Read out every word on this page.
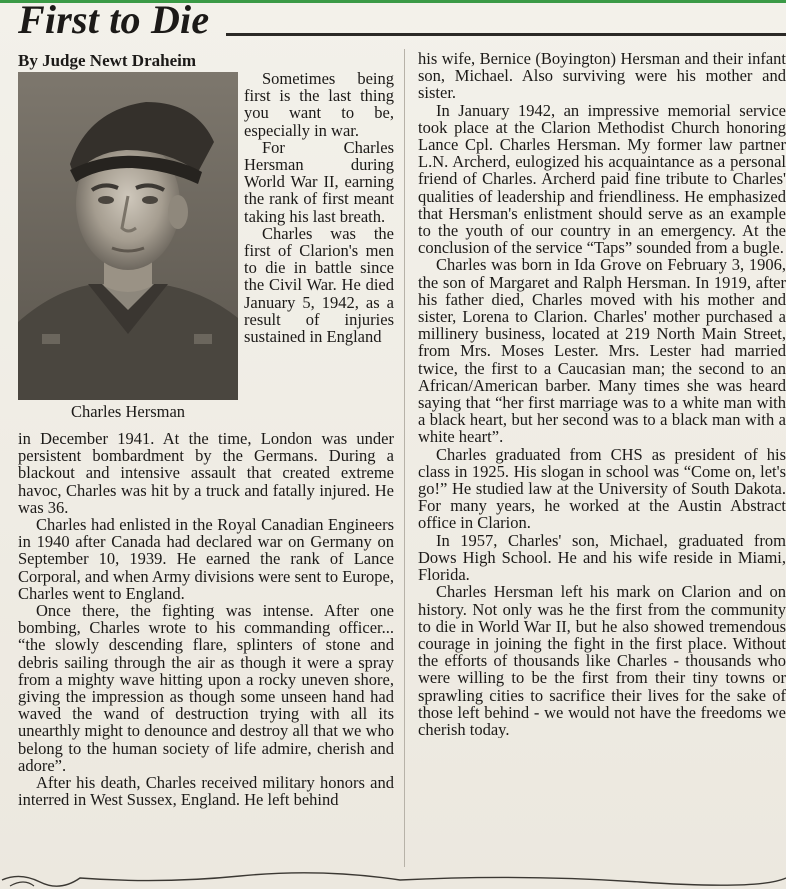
First to Die
By Judge Newt Draheim
Charles Hersman

Sometimes being first is the last thing you want to be, especially in war.

For Charles Hersman during World War II, earning the rank of first meant taking his last breath.

Charles was the first of Clarion's men to die in battle since the Civil War. He died January 5, 1942, as a result of injuries sustained in England

in December 1941. At the time, London was under persistent bombardment by the Germans. During a blackout and intensive assault that created extreme havoc, Charles was hit by a truck and fatally injured. He was 36.

Charles had enlisted in the Royal Canadian Engineers in 1940 after Canada had declared war on Germany on September 10, 1939. He earned the rank of Lance Corporal, and when Army divisions were sent to Europe, Charles went to England.

Once there, the fighting was intense. After one bombing, Charles wrote to his commanding officer... “the slowly descending flare, splinters of stone and debris sailing through the air as though it were a spray from a mighty wave hitting upon a rocky uneven shore, giving the impression as though some unseen hand had waved the wand of destruction trying with all its unearthly might to denounce and destroy all that we who belong to the human society of life admire, cherish and adore”.

After his death, Charles received military honors and interred in West Sussex, England. He left behind

his wife, Bernice (Boyington) Hersman and their infant son, Michael. Also surviving were his mother and sister.

In January 1942, an impressive memorial service took place at the Clarion Methodist Church honoring Lance Cpl. Charles Hersman. My former law partner L.N. Archerd, eulogized his acquaintance as a personal friend of Charles. Archerd paid fine tribute to Charles' qualities of leadership and friendliness. He emphasized that Hersman's enlistment should serve as an example to the youth of our country in an emergency. At the conclusion of the service “Taps” sounded from a bugle.

Charles was born in Ida Grove on February 3, 1906, the son of Margaret and Ralph Hersman. In 1919, after his father died, Charles moved with his mother and sister, Lorena to Clarion. Charles' mother purchased a millinery business, located at 219 North Main Street, from Mrs. Moses Lester. Mrs. Lester had married twice, the first to a Caucasian man; the second to an African/American barber. Many times she was heard saying that “her first marriage was to a white man with a black heart, but her second was to a black man with a white heart”.

Charles graduated from CHS as president of his class in 1925. His slogan in school was “Come on, let's go!” He studied law at the University of South Dakota. For many years, he worked at the Austin Abstract office in Clarion.

In 1957, Charles' son, Michael, graduated from Dows High School. He and his wife reside in Miami, Florida.

Charles Hersman left his mark on Clarion and on history. Not only was he the first from the community to die in World War II, but he also showed tremendous courage in joining the fight in the first place. Without the efforts of thousands like Charles - thousands who were willing to be the first from their tiny towns or sprawling cities to sacrifice their lives for the sake of those left behind - we would not have the freedoms we cherish today.
